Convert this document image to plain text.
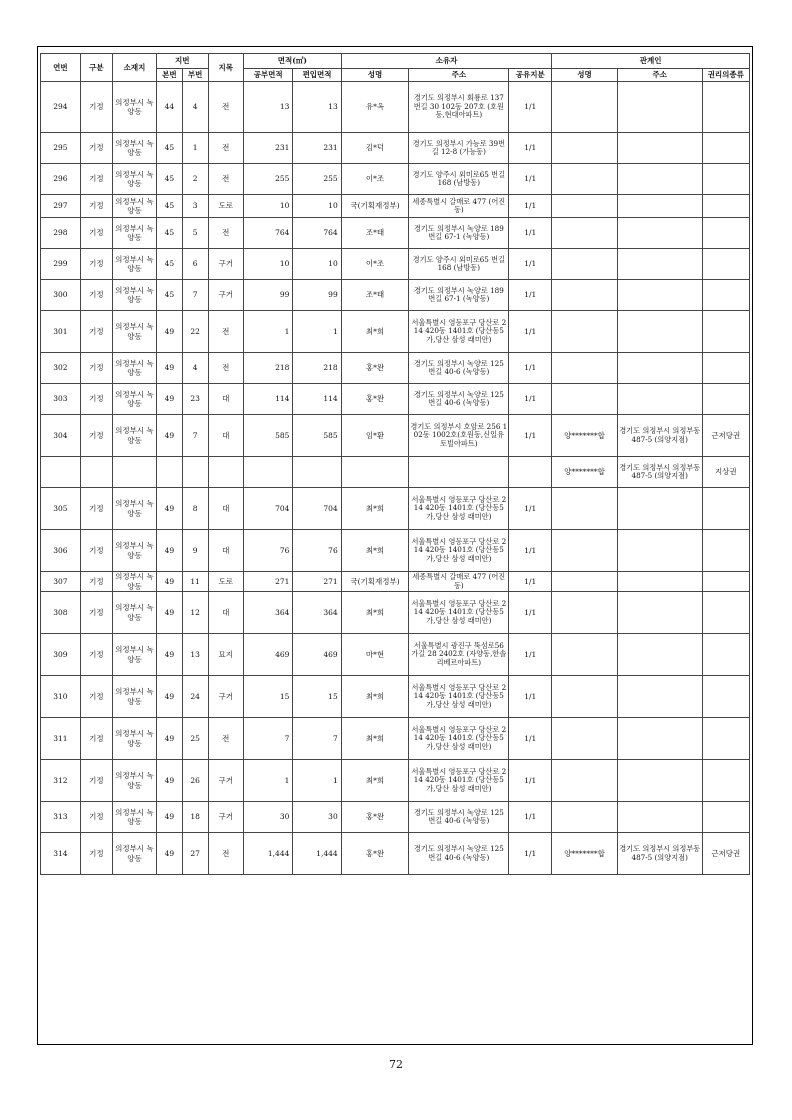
연번	구분	소재지	지번		지목	면적(㎡)		소유자			관계인		
			본번	부번		공부면적	편입면적	성명	주소	공유지분	성명	주소	권리의종류
294	기정	의정부시 녹양동	44	4	전	13	13	유*옥	경기도 의정부시 회룡로 137번길 30 102동 207호 (호원동,현대아파트)	1/1			
295	기정	의정부시 녹양동	45	1	전	231	231	김*덕	경기도 의정부시 가능로 39번길 12-8 (가능동)	1/1			
296	기정	의정부시 녹양동	45	2	전	255	255	이*조	경기도 양주시 외미로65 번길 168 (남방동)	1/1			
297	기정	의정부시 녹양동	45	3	도로	10	10	국(기획재정부)	세종특별시 갈매로 477 (어진동)	1/1			
298	기정	의정부시 녹양동	45	5	전	764	764	조*태	경기도 의정부시 녹양로 189번길 67-1 (녹양동)	1/1			
299	기정	의정부시 녹양동	45	6	구거	10	10	이*조	경기도 양주시 외미로65 번길 168 (남방동)	1/1			
300	기정	의정부시 녹양동	45	7	구거	99	99	조*태	경기도 의정부시 녹양로 189번길 67-1 (녹양동)	1/1			
301	기정	의정부시 녹양동	49	22	전	1	1	최*희	서울특별시 영등포구 당산로 214 420동 1401호 (당산동5가,당산 삼성 래미안)	1/1			
302	기정	의정부시 녹양동	49	4	전	218	218	홍*완	경기도 의정부시 녹양로 125번길 40-6 (녹양동)	1/1			
303	기정	의정부시 녹양동	49	23	대	114	114	홍*완	경기도 의정부시 녹양로 125번길 40-6 (녹양동)	1/1			
304	기정	의정부시 녹양동	49	7	대	585	585	임*환	경기도 의정부시 호암로 256 102동 1002호(호원동,신일유토빌아파트)	1/1	양*******합	경기도 의정부시 의정부동 487-5 (의양지점)	근저당권
											양*******합	경기도 의정부시 의정부동 487-5 (의양지점)	지상권
305	기정	의정부시 녹양동	49	8	대	704	704	최*희	서울특별시 영등포구 당산로 214 420동 1401호 (당산동5가,당산 삼성 래미안)	1/1			
306	기정	의정부시 녹양동	49	9	대	76	76	최*희	서울특별시 영등포구 당산로 214 420동 1401호 (당산동5가,당산 삼성 래미안)	1/1			
307	기정	의정부시 녹양동	49	11	도로	271	271	국(기획재정부)	세종특별시 갈매로 477 (어진동)	1/1			
308	기정	의정부시 녹양동	49	12	대	364	364	최*희	서울특별시 영등포구 당산로 214 420동 1401호 (당산동5가,당산 삼성 래미안)	1/1			
309	기정	의정부시 녹양동	49	13	묘지	469	469	마*현	서울특별시 광진구 뚝섬로56가길 28 2402호 (자양동,한솔리베르아파트)	1/1			
310	기정	의정부시 녹양동	49	24	구거	15	15	최*희	서울특별시 영등포구 당산로 214 420동 1401호 (당산동5가,당산 삼성 래미안)	1/1			
311	기정	의정부시 녹양동	49	25	전	7	7	최*희	서울특별시 영등포구 당산로 214 420동 1401호 (당산동5가,당산 삼성 래미안)	1/1			
312	기정	의정부시 녹양동	49	26	구거	1	1	최*희	서울특별시 영등포구 당산로 214 420동 1401호 (당산동5가,당산 삼성 래미안)	1/1			
313	기정	의정부시 녹양동	49	18	구거	30	30	홍*완	경기도 의정부시 녹양로 125번길 40-6 (녹양동)	1/1			
314	기정	의정부시 녹양동	49	27	전	1,444	1,444	홍*완	경기도 의정부시 녹양로 125번길 40-6 (녹양동)	1/1	양*******합	경기도 의정부시 의정부동 487-5 (의양지점)	근저당권
72
